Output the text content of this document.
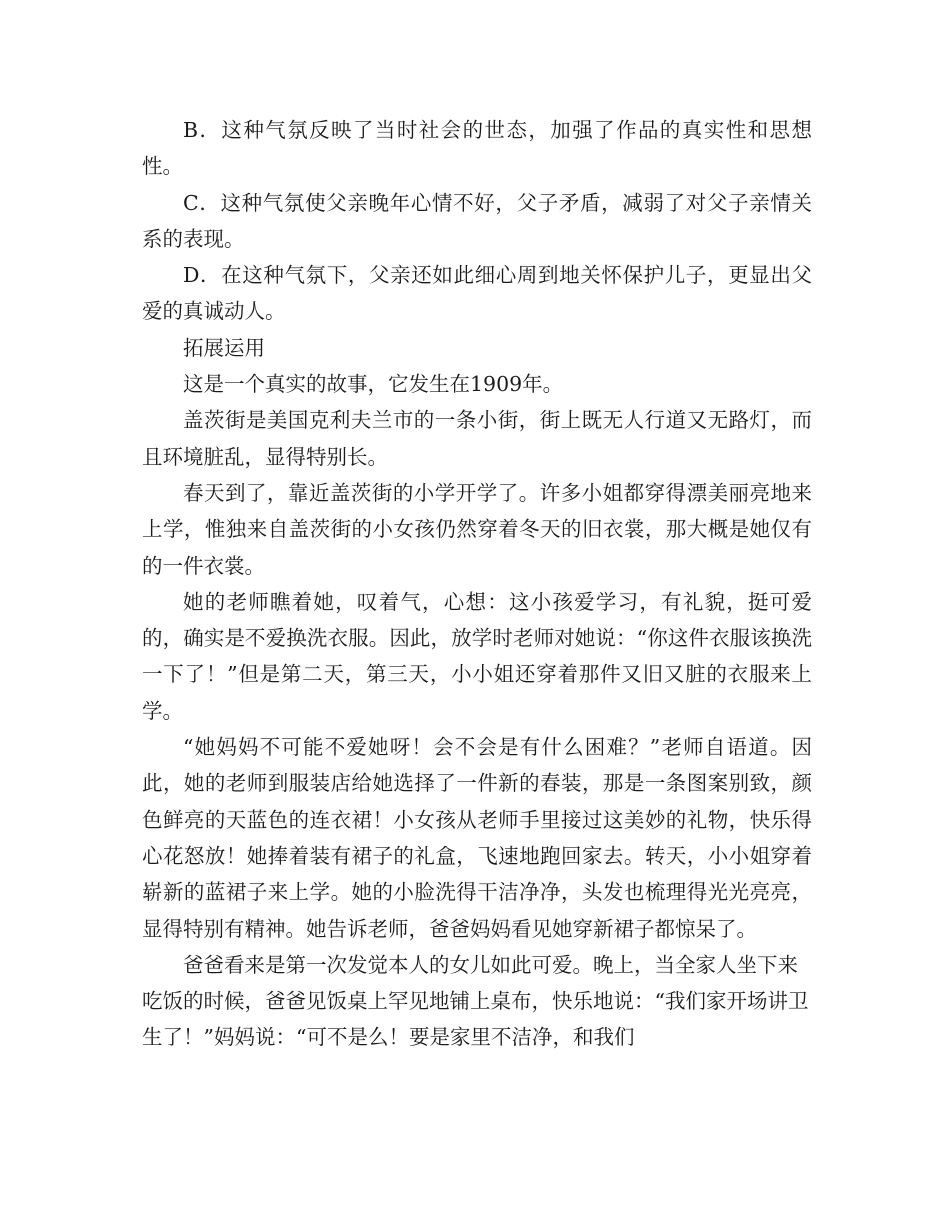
B．这种气氛反映了当时社会的世态，加强了作品的真实性和思想性。

C．这种气氛使父亲晚年心情不好，父子矛盾，减弱了对父子亲情关系的表现。

D．在这种气氛下，父亲还如此细心周到地关怀保护儿子，更显出父爱的真诚动人。

拓展运用

这是一个真实的故事，它发生在1909年。

盖茨街是美国克利夫兰市的一条小街，街上既无人行道又无路灯，而且环境脏乱，显得特别长。

春天到了，靠近盖茨街的小学开学了。许多小姐都穿得漂美丽亮地来上学，惟独来自盖茨街的小女孩仍然穿着冬天的旧衣裳，那大概是她仅有的一件衣裳。

她的老师瞧着她，叹着气，心想：这小孩爱学习，有礼貌，挺可爱的，确实是不爱换洗衣服。因此，放学时老师对她说：“你这件衣服该换洗一下了！”但是第二天，第三天，小小姐还穿着那件又旧又脏的衣服来上学。

“她妈妈不可能不爱她呀！会不会是有什么困难？”老师自语道。因此，她的老师到服装店给她选择了一件新的春装，那是一条图案别致，颜色鲜亮的天蓝色的连衣裙！小女孩从老师手里接过这美妙的礼物，快乐得心花怒放！她捧着装有裙子的礼盒，飞速地跑回家去。转天，小小姐穿着崭新的蓝裙子来上学。她的小脸洗得干洁净净，头发也梳理得光光亮亮，显得特别有精神。她告诉老师，爸爸妈妈看见她穿新裙子都惊呆了。

爸爸看来是第一次发觉本人的女儿如此可爱。晚上，当全家人坐下来吃饭的时候，爸爸见饭桌上罕见地铺上桌布，快乐地说：“我们家开场讲卫生了！”妈妈说：“可不是么！要是家里不洁净，和我们
